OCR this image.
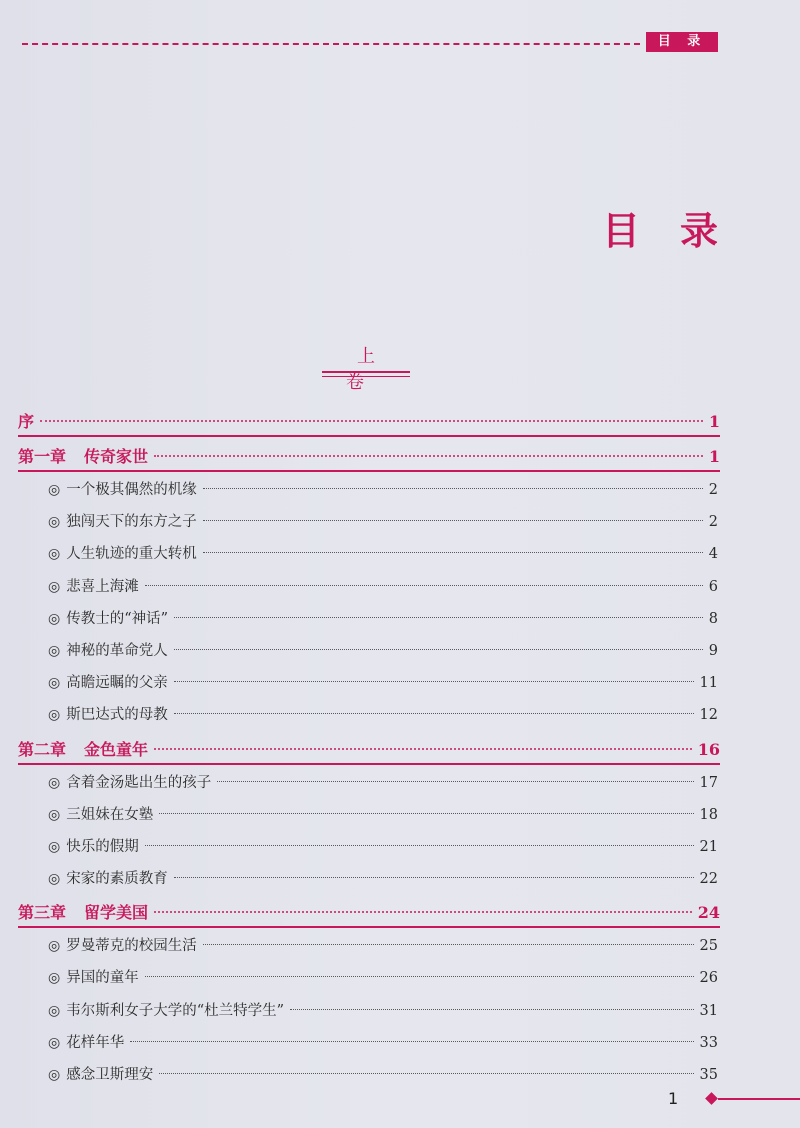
目 录
目录
上卷
序	1
第一章 传奇家世	1
◎ 一个极其偶然的机缘	2
◎ 独闯天下的东方之子	2
◎ 人生轨迹的重大转机	4
◎ 悲喜上海滩	6
◎ 传教士的“神话”	8
◎ 神秘的革命党人	9
◎ 高瞻远瞩的父亲	11
◎ 斯巴达式的母教	12
第二章 金色童年	16
◎ 含着金汤匙出生的孩子	17
◎ 三姐妹在女塾	18
◎ 快乐的假期	21
◎ 宋家的素质教育	22
第三章 留学美国	24
◎ 罗曼蒂克的校园生活	25
◎ 异国的童年	26
◎ 韦尔斯利女子大学的“杜兰特学生”	31
◎ 花样年华	33
◎ 感念卫斯理安	35
1
